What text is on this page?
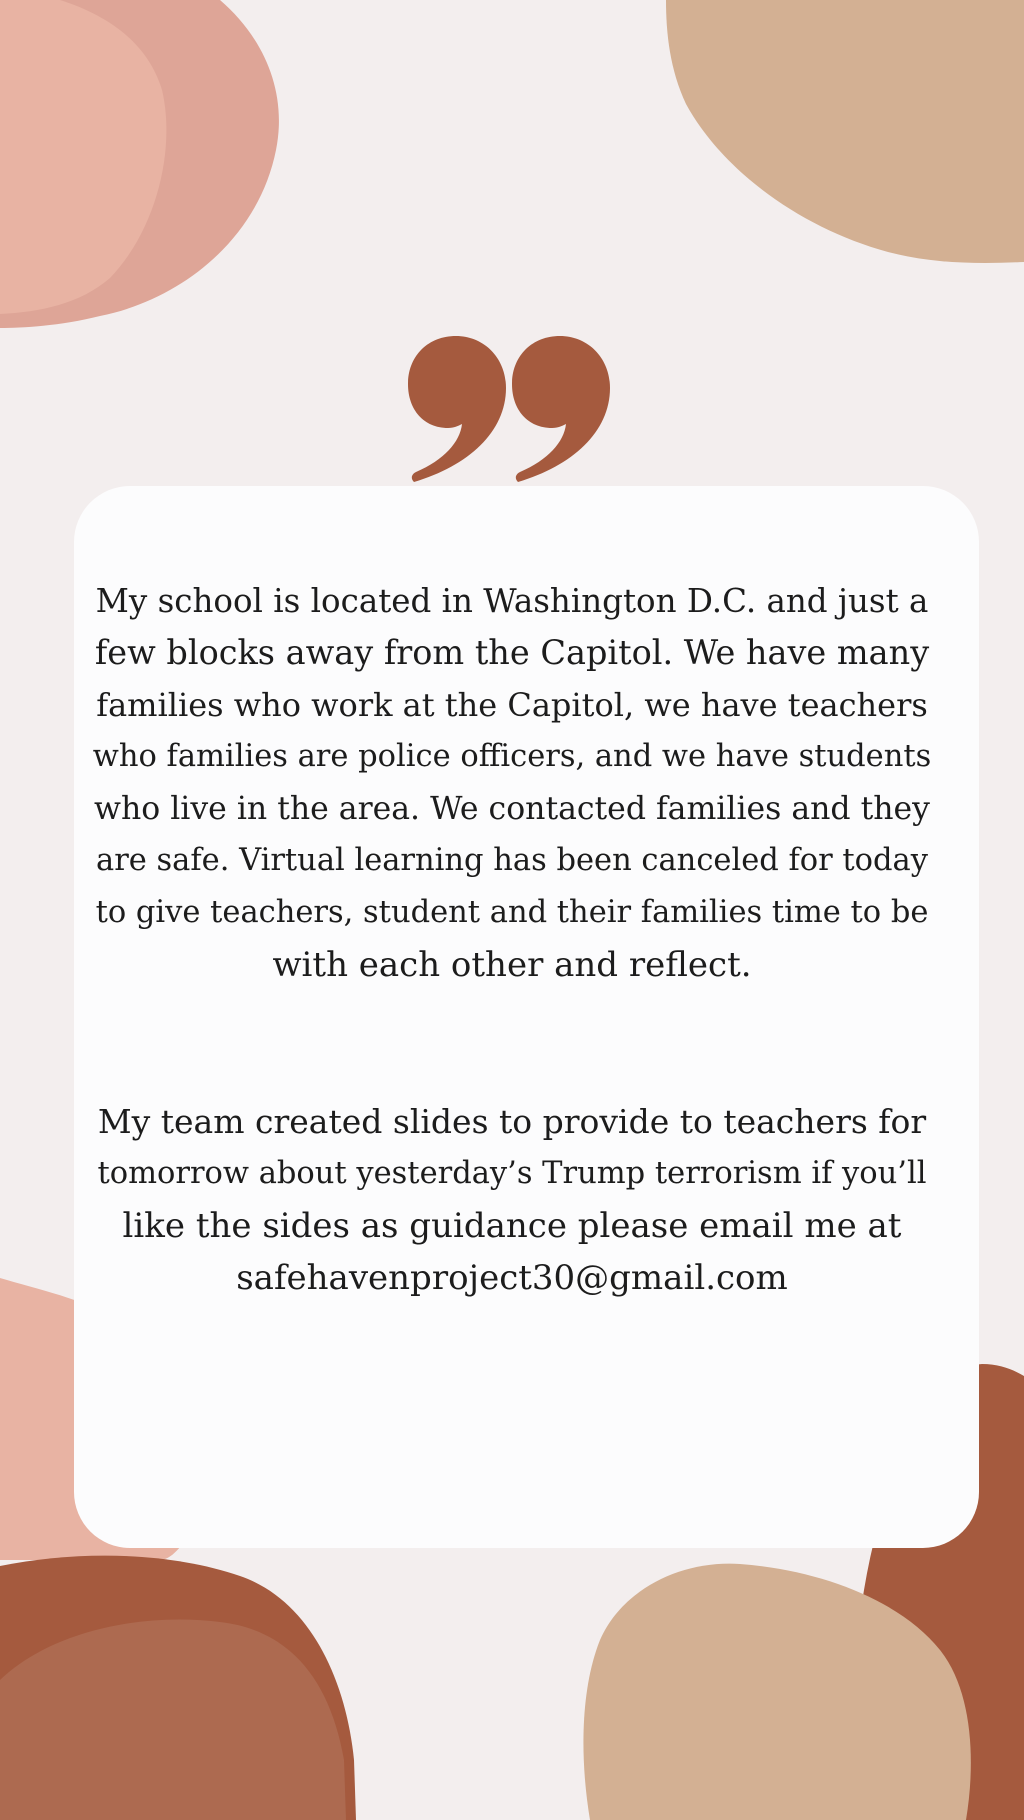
My school is located in Washington D.C. and just a
few blocks away from the Capitol. We have many
families who work at the Capitol, we have teachers
who families are police officers, and we have students
who live in the area. We contacted families and they
are safe. Virtual learning has been canceled for today
to give teachers, student and their families time to be
with each other and reflect.

My team created slides to provide to teachers for
tomorrow about yesterday’s Trump terrorism if you’ll
like the sides as guidance please email me at
safehavenproject30@gmail.com
